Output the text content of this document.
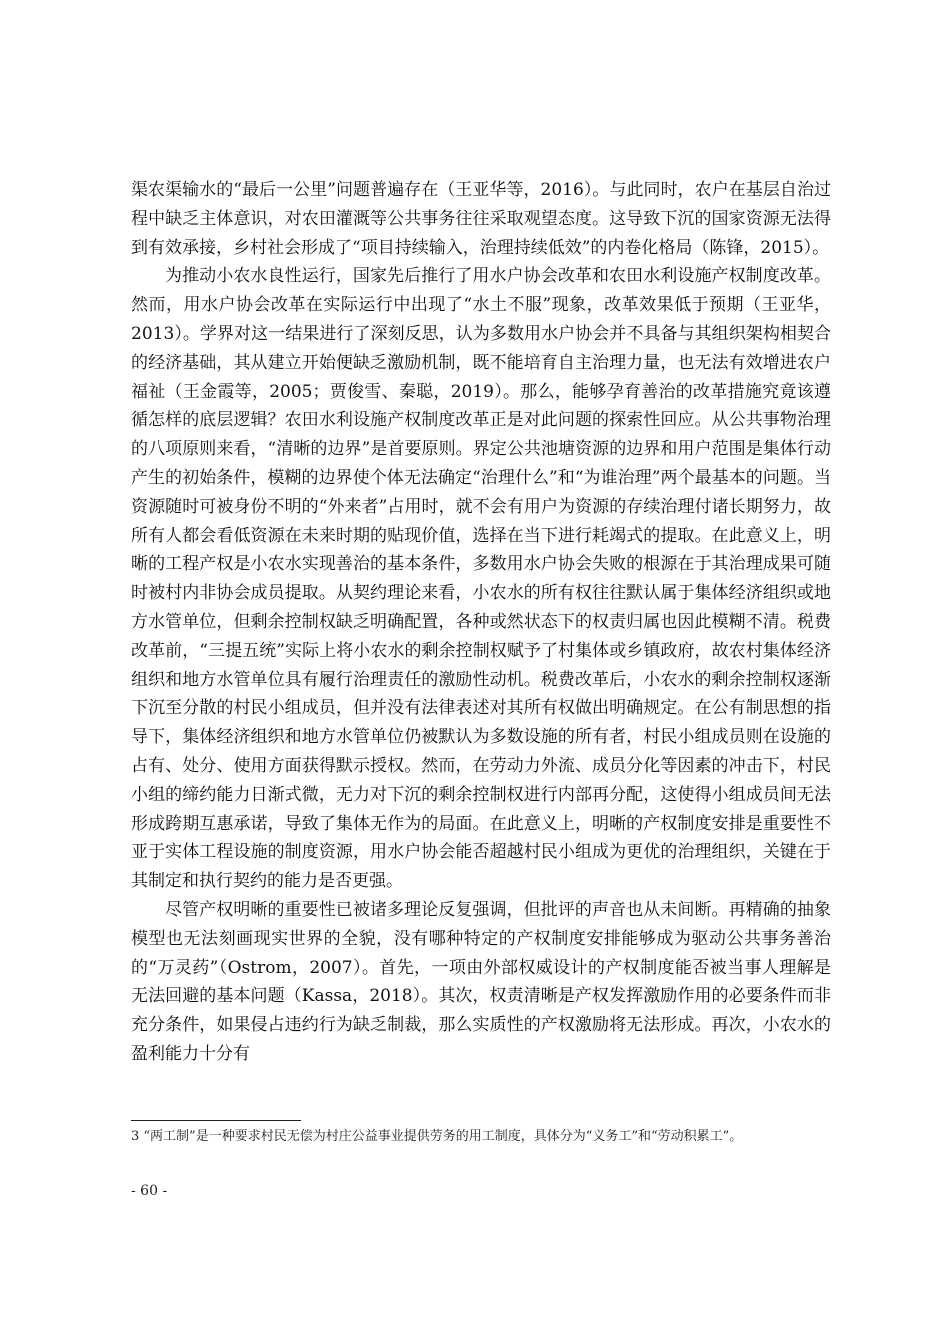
渠农渠输水的“最后一公里”问题普遍存在（王亚华等，2016）。与此同时，农户在基层自治过程中缺乏主体意识，对农田灌溉等公共事务往往采取观望态度。这导致下沉的国家资源无法得到有效承接，乡村社会形成了“项目持续输入，治理持续低效”的内卷化格局（陈锋，2015）。

为推动小农水良性运行，国家先后推行了用水户协会改革和农田水利设施产权制度改革。然而，用水户协会改革在实际运行中出现了“水土不服”现象，改革效果低于预期（王亚华，2013）。学界对这一结果进行了深刻反思，认为多数用水户协会并不具备与其组织架构相契合的经济基础，其从建立开始便缺乏激励机制，既不能培育自主治理力量，也无法有效增进农户福祉（王金霞等，2005；贾俊雪、秦聪，2019）。那么，能够孕育善治的改革措施究竟该遵循怎样的底层逻辑？农田水利设施产权制度改革正是对此问题的探索性回应。从公共事物治理的八项原则来看，“清晰的边界”是首要原则。界定公共池塘资源的边界和用户范围是集体行动产生的初始条件，模糊的边界使个体无法确定“治理什么”和“为谁治理”两个最基本的问题。当资源随时可被身份不明的“外来者”占用时，就不会有用户为资源的存续治理付诸长期努力，故所有人都会看低资源在未来时期的贴现价值，选择在当下进行耗竭式的提取。在此意义上，明晰的工程产权是小农水实现善治的基本条件，多数用水户协会失败的根源在于其治理成果可随时被村内非协会成员提取。从契约理论来看，小农水的所有权往往默认属于集体经济组织或地方水管单位，但剩余控制权缺乏明确配置，各种或然状态下的权责归属也因此模糊不清。税费改革前，“三提五统”实际上将小农水的剩余控制权赋予了村集体或乡镇政府，故农村集体经济组织和地方水管单位具有履行治理责任的激励性动机。税费改革后，小农水的剩余控制权逐渐下沉至分散的村民小组成员，但并没有法律表述对其所有权做出明确规定。在公有制思想的指导下，集体经济组织和地方水管单位仍被默认为多数设施的所有者，村民小组成员则在设施的占有、处分、使用方面获得默示授权。然而，在劳动力外流、成员分化等因素的冲击下，村民小组的缔约能力日渐式微，无力对下沉的剩余控制权进行内部再分配，这使得小组成员间无法形成跨期互惠承诺，导致了集体无作为的局面。在此意义上，明晰的产权制度安排是重要性不亚于实体工程设施的制度资源，用水户协会能否超越村民小组成为更优的治理组织，关键在于其制定和执行契约的能力是否更强。

尽管产权明晰的重要性已被诸多理论反复强调，但批评的声音也从未间断。再精确的抽象模型也无法刻画现实世界的全貌，没有哪种特定的产权制度安排能够成为驱动公共事务善治的“万灵药”（Ostrom，2007）。首先，一项由外部权威设计的产权制度能否被当事人理解是无法回避的基本问题（Kassa，2018）。其次，权责清晰是产权发挥激励作用的必要条件而非充分条件，如果侵占违约行为缺乏制裁，那么实质性的产权激励将无法形成。再次，小农水的盈利能力十分有

3 “两工制”是一种要求村民无偿为村庄公益事业提供劳务的用工制度，具体分为“义务工”和“劳动积累工”。
- 60 -
